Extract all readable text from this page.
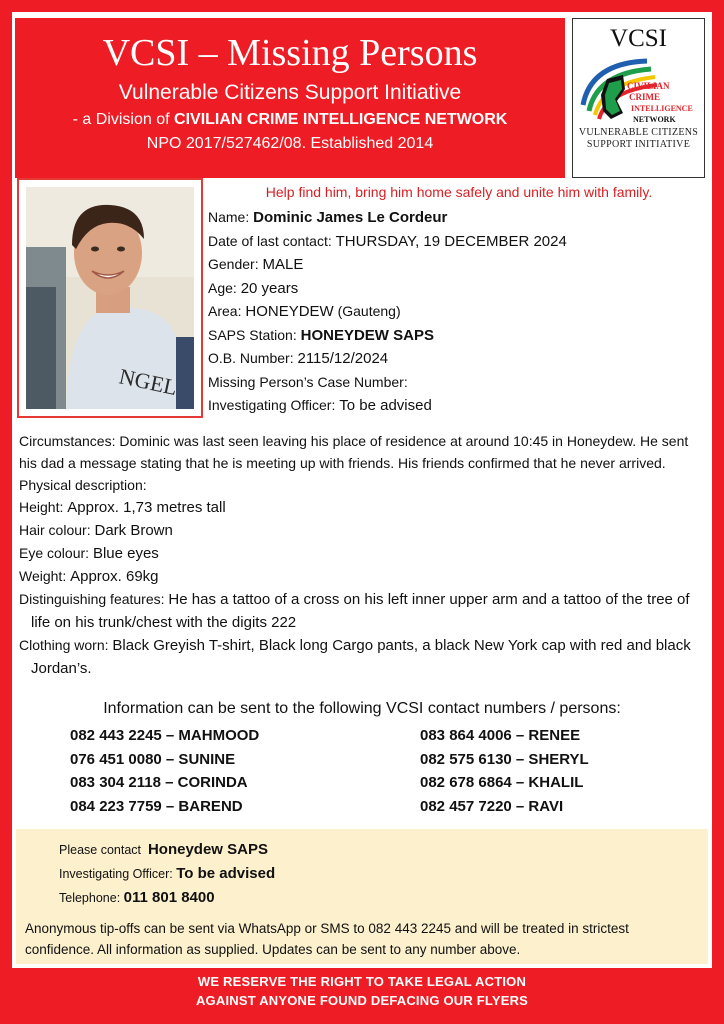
VCSI – Missing Persons
Vulnerable Citizens Support Initiative
- a Division of CIVILIAN CRIME INTELLIGENCE NETWORK
NPO 2017/527462/08. Established 2014
VCSI
CIVILIAN
CRIME
INTELLIGENCE
NETWORK
VULNERABLE CITIZENS
SUPPORT INITIATIVE
NGEL
Help find him, bring him home safely and unite him with family.
Name: Dominic James Le Cordeur
Date of last contact: THURSDAY, 19 DECEMBER 2024
Gender: MALE
Age: 20 years
Area: HONEYDEW (Gauteng)
SAPS Station: HONEYDEW SAPS
O.B. Number: 2115/12/2024
Missing Person’s Case Number:
Investigating Officer: To be advised

Circumstances: Dominic was last seen leaving his place of residence at around 10:45 in Honeydew. He sent his dad a message stating that he is meeting up with friends. His friends confirmed that he never arrived.

Physical description:

Height: Approx. 1,73 metres tall

Hair colour: Dark Brown

Eye colour: Blue eyes

Weight: Approx. 69kg

Distinguishing features: He has a tattoo of a cross on his left inner upper arm and a tattoo of the tree of life on his trunk/chest with the digits 222

Clothing worn: Black Greyish T-shirt, Black long Cargo pants, a black New York cap with red and black Jordan’s.

Information can be sent to the following VCSI contact numbers / persons:
082 443 2245 – MAHMOOD
076 451 0080 – SUNINE
083 304 2118 – CORINDA
084 223 7759 – BAREND
083 864 4006 – RENEE
082 575 6130 – SHERYL
082 678 6864 – KHALIL
082 457 7220 – RAVI
Please contact Honeydew SAPS
Investigating Officer: To be advised
Telephone: 011 801 8400
Anonymous tip-offs can be sent via WhatsApp or SMS to 082 443 2245 and will be treated in strictest confidence. All information as supplied. Updates can be sent to any number above.
WE RESERVE THE RIGHT TO TAKE LEGAL ACTION
AGAINST ANYONE FOUND DEFACING OUR FLYERS
